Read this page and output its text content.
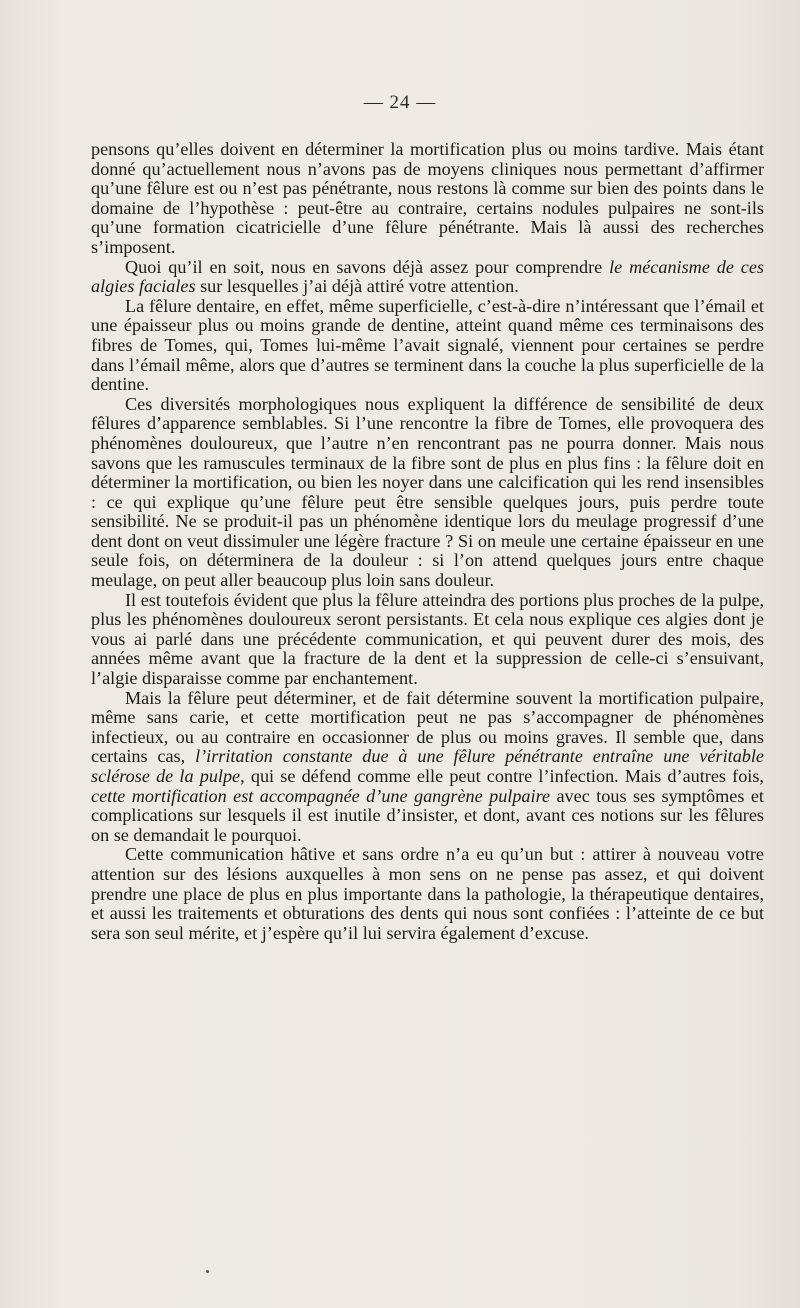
— 24 —

pensons qu’elles doivent en déterminer la mortification plus ou moins tardive. Mais étant donné qu’actuellement nous n’avons pas de moyens cliniques nous permettant d’affirmer qu’une fêlure est ou n’est pas pénétrante, nous restons là comme sur bien des points dans le domaine de l’hypothèse : peut-être au contraire, certains nodules pulpaires ne sont-ils qu’une formation cicatricielle d’une fêlure pénétrante. Mais là aussi des recherches s’imposent.

Quoi qu’il en soit, nous en savons déjà assez pour comprendre le mécanisme de ces algies faciales sur lesquelles j’ai déjà attiré votre attention.

La fêlure dentaire, en effet, même superficielle, c’est-à-dire n’intéressant que l’émail et une épaisseur plus ou moins grande de dentine, atteint quand même ces terminaisons des fibres de Tomes, qui, Tomes lui-même l’avait signalé, viennent pour certaines se perdre dans l’émail même, alors que d’autres se terminent dans la couche la plus superficielle de la dentine.

Ces diversités morphologiques nous expliquent la différence de sensibilité de deux fêlures d’apparence semblables. Si l’une rencontre la fibre de Tomes, elle provoquera des phénomènes douloureux, que l’autre n’en rencontrant pas ne pourra donner. Mais nous savons que les ramuscules terminaux de la fibre sont de plus en plus fins : la fêlure doit en déterminer la mortification, ou bien les noyer dans une calcification qui les rend insensibles : ce qui explique qu’une fêlure peut être sensible quelques jours, puis perdre toute sensibilité. Ne se produit-il pas un phénomène identique lors du meulage progressif d’une dent dont on veut dissimuler une légère fracture ? Si on meule une certaine épaisseur en une seule fois, on déterminera de la douleur : si l’on attend quelques jours entre chaque meulage, on peut aller beaucoup plus loin sans douleur.

Il est toutefois évident que plus la fêlure atteindra des portions plus proches de la pulpe, plus les phénomènes douloureux seront persistants. Et cela nous explique ces algies dont je vous ai parlé dans une précédente communication, et qui peuvent durer des mois, des années même avant que la fracture de la dent et la suppression de celle-ci s’ensuivant, l’algie disparaisse comme par enchantement.

Mais la fêlure peut déterminer, et de fait détermine souvent la mortification pulpaire, même sans carie, et cette mortification peut ne pas s’accompagner de phénomènes infectieux, ou au contraire en occasionner de plus ou moins graves. Il semble que, dans certains cas, l’irritation constante due à une fêlure pénétrante entraîne une véritable sclérose de la pulpe, qui se défend comme elle peut contre l’infection. Mais d’autres fois, cette mortification est accompagnée d’une gangrène pulpaire avec tous ses symptômes et complications sur lesquels il est inutile d’insister, et dont, avant ces notions sur les fêlures on se demandait le pourquoi.

Cette communication hâtive et sans ordre n’a eu qu’un but : attirer à nouveau votre attention sur des lésions auxquelles à mon sens on ne pense pas assez, et qui doivent prendre une place de plus en plus importante dans la pathologie, la thérapeutique dentaires, et aussi les traitements et obturations des dents qui nous sont confiées : l’atteinte de ce but sera son seul mérite, et j’espère qu’il lui servira également d’excuse.
